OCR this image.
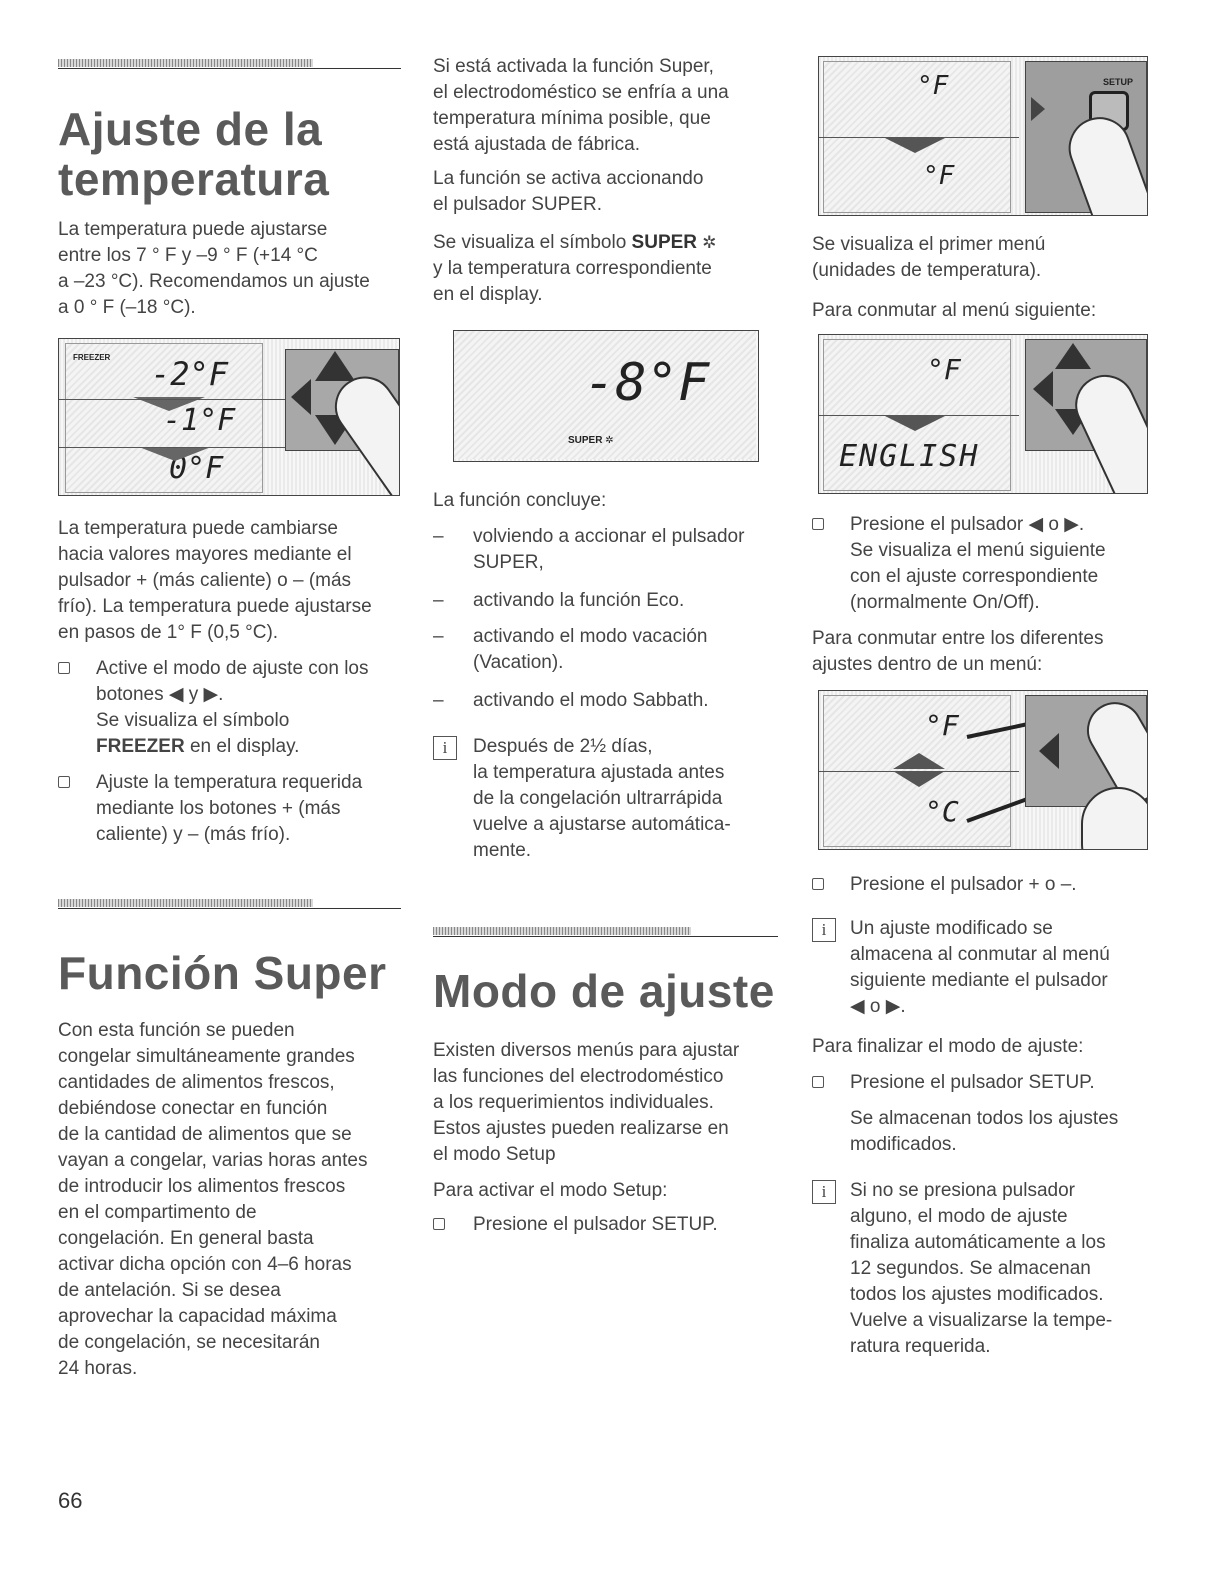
Ajuste de la
temperatura
La temperatura puede ajustarse
entre los 7 ° F y –9 ° F (+14 °C
a –23 °C). Recomendamos un ajuste
a 0 ° F (–18 °C).
FREEZER -2°F
-1°F
0°F
La temperatura puede cambiarse
hacia valores mayores mediante el
pulsador + (más caliente) o – (más
frío). La temperatura puede ajustarse
en pasos de 1° F (0,5 °C).
Active el modo de ajuste con los
botones ◀ y ▶.
Se visualiza el símbolo
FREEZER en el display.
Ajuste la temperatura requerida
mediante los botones + (más
caliente) y – (más frío).
Función Super
Con esta función se pueden
congelar simultáneamente grandes
cantidades de alimentos frescos,
debiéndose conectar en función
de la cantidad de alimentos que se
vayan a congelar, varias horas antes
de introducir los alimentos frescos
en el compartimento de
congelación. En general basta
activar dicha opción con 4–6 horas
de antelación. Si se desea
aprovechar la capacidad máxima
de congelación, se necesitarán
24 horas.
Si está activada la función Super,
el electrodoméstico se enfría a una
temperatura mínima posible, que
está ajustada de fábrica.
La función se activa accionando
el pulsador SUPER.
Se visualiza el símbolo SUPER ✲
y la temperatura correspondiente
en el display.
-8°F
SUPER ✲
La función concluye:
– volviendo a accionar el pulsador
SUPER,
– activando la función Eco.
– activando el modo vacación
(Vacation).
– activando el modo Sabbath.
i	Después de 2½ días,
la temperatura ajustada antes
de la congelación ultrarrápida
vuelve a ajustarse automática-
mente.
Modo de ajuste
Existen diversos menús para ajustar
las funciones del electrodoméstico
a los requerimientos individuales.
Estos ajustes pueden realizarse en
el modo Setup
Para activar el modo Setup:
Presione el pulsador SETUP.
°F
°F
SETUP
Se visualiza el primer menú
(unidades de temperatura).
Para conmutar al menú siguiente:
°F
ENGLISH
Presione el pulsador ◀ o ▶.
Se visualiza el menú siguiente
con el ajuste correspondiente
(normalmente On/Off).
Para conmutar entre los diferentes
ajustes dentro de un menú:
°F
°C
Presione el pulsador + o –.
i	Un ajuste modificado se
almacena al conmutar al menú
siguiente mediante el pulsador
◀ o ▶.
Para finalizar el modo de ajuste:
Presione el pulsador SETUP.
Se almacenan todos los ajustes
modificados.
i	Si no se presiona pulsador
alguno, el modo de ajuste
finaliza automáticamente a los
12 segundos. Se almacenan
todos los ajustes modificados.
Vuelve a visualizarse la tempe-
ratura requerida.
66
